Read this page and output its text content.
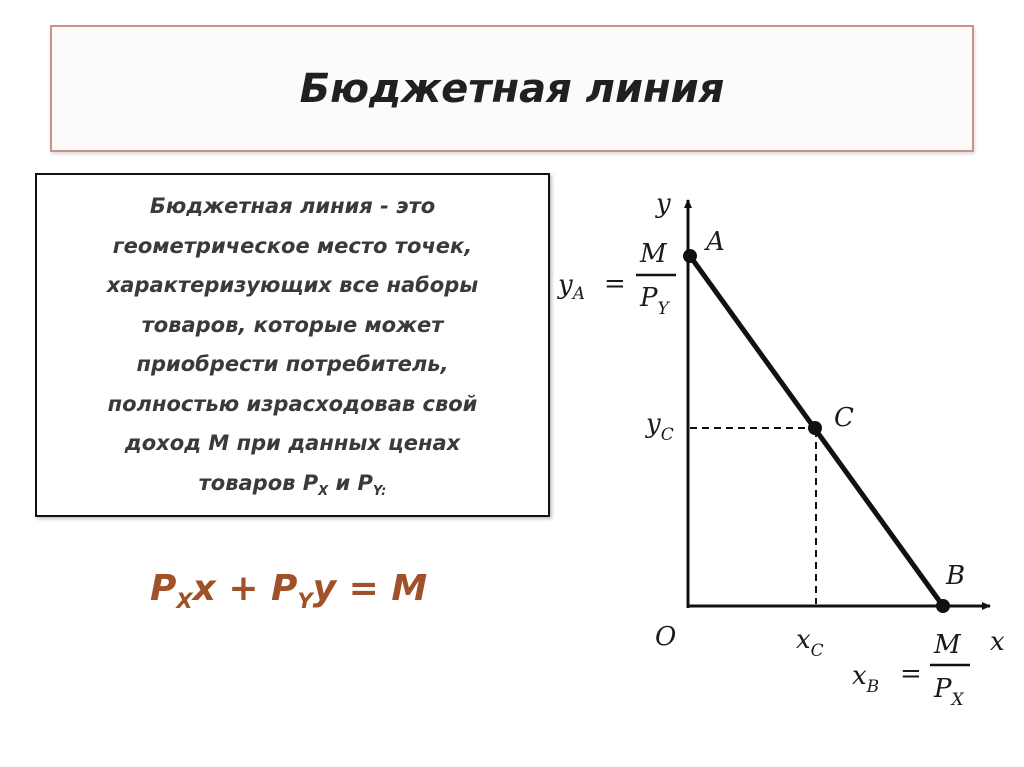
Бюджетная линия
Бюджетная линия - это
геометрическое место точек,
характеризующих все наборы
товаров, которые может
приобрести потребитель,
полностью израсходовав свой
доход М при данных ценах
товаров $P_X$ и $P_{Y:}$
$P_Xx + P_Yy = M$
y
x
O
A
C
B
$y_A$ =
M
$P_Y$
$y_C$
$x_C$
$x_B$ =
M
$P_X$
